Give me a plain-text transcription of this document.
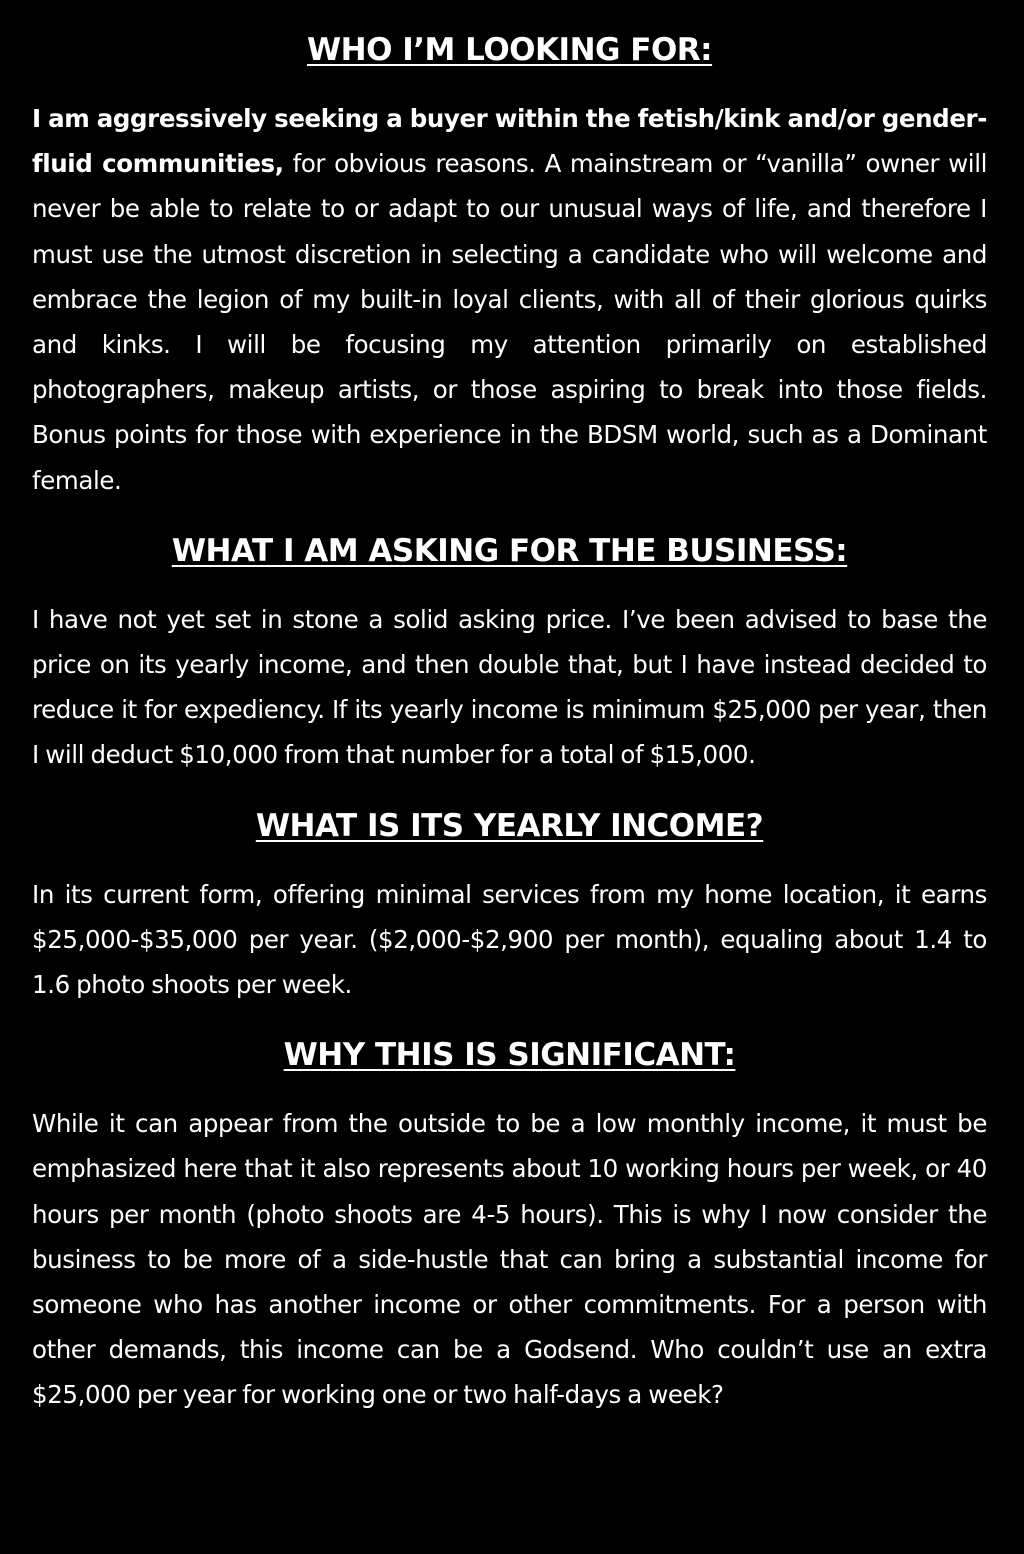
WHO I’M LOOKING FOR:

I am aggressively seeking a buyer within the fetish/kink and/or gender-fluid communities, for obvious reasons. A mainstream or “vanilla” owner will never be able to relate to or adapt to our unusual ways of life, and therefore I must use the utmost discretion in selecting a candidate who will welcome and embrace the legion of my built-in loyal clients, with all of their glorious quirks and kinks. I will be focusing my attention primarily on established photographers, makeup artists, or those aspiring to break into those fields. Bonus points for those with experience in the BDSM world, such as a Dominant female.

WHAT I AM ASKING FOR THE BUSINESS:

I have not yet set in stone a solid asking price. I’ve been advised to base the price on its yearly income, and then double that, but I have instead decided to reduce it for expediency. If its yearly income is minimum $25,000 per year, then I will deduct $10,000 from that number for a total of $15,000.

WHAT IS ITS YEARLY INCOME?

In its current form, offering minimal services from my home location, it earns $25,000-$35,000 per year. ($2,000-$2,900 per month), equaling about 1.4 to 1.6 photo shoots per week.

WHY THIS IS SIGNIFICANT:

While it can appear from the outside to be a low monthly income, it must be emphasized here that it also represents about 10 working hours per week, or 40 hours per month (photo shoots are 4-5 hours). This is why I now consider the business to be more of a side-hustle that can bring a substantial income for someone who has another income or other commitments. For a person with other demands, this income can be a Godsend. Who couldn’t use an extra $25,000 per year for working one or two half-days a week?
